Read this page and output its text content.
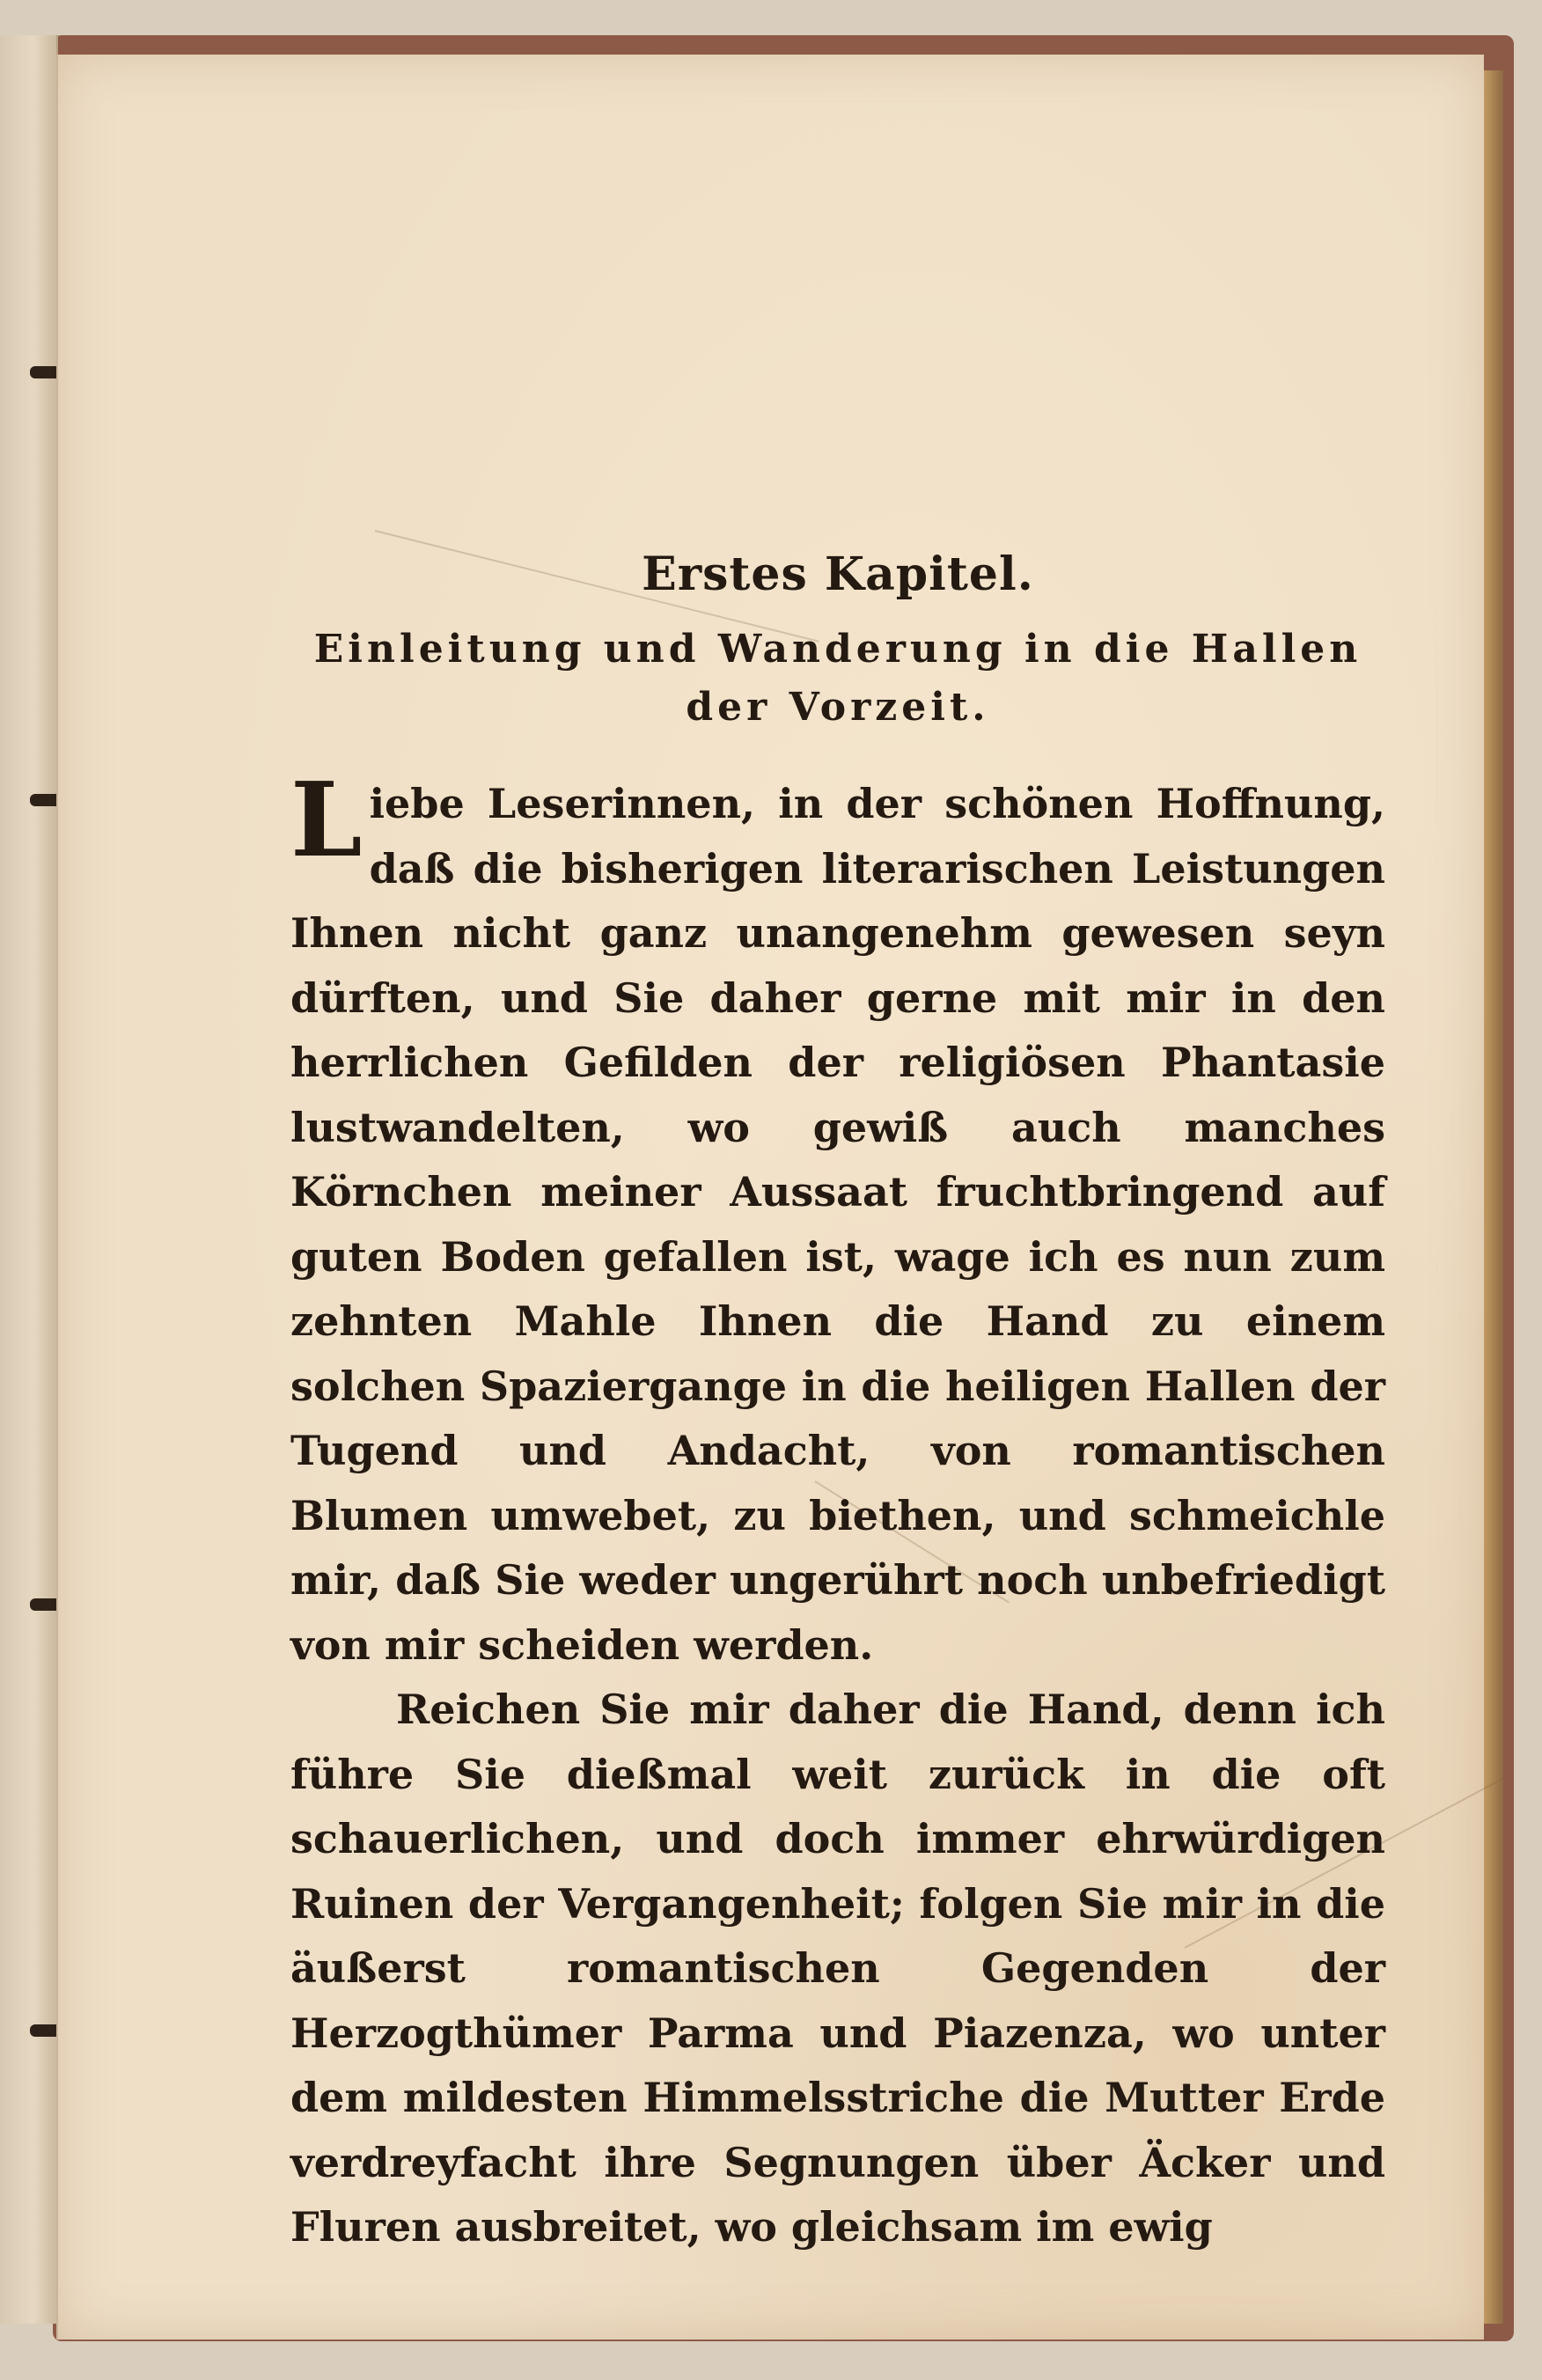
Erstes Kapitel.
Einleitung und Wanderung in die Hallen der Vorzeit.

Liebe Leserinnen, in der schönen Hoffnung, daß die bisherigen literarischen Leistungen Ihnen nicht ganz unangenehm gewesen seyn dürften, und Sie daher gerne mit mir in den herrlichen Gefilden der religiösen Phantasie lustwandelten, wo gewiß auch manches Körnchen meiner Aussaat fruchtbringend auf guten Boden gefallen ist, wage ich es nun zum zehnten Mahle Ihnen die Hand zu einem solchen Spaziergange in die heiligen Hallen der Tugend und Andacht, von romantischen Blumen umwebet, zu biethen, und schmeichle mir, daß Sie weder ungerührt noch unbefriedigt von mir scheiden werden.

Reichen Sie mir daher die Hand, denn ich führe Sie dießmal weit zurück in die oft schauerlichen, und doch immer ehrwürdigen Ruinen der Vergangenheit; folgen Sie mir in die äußerst romantischen Gegenden der Herzogthümer Parma und Piazenza, wo unter dem mildesten Himmelsstriche die Mutter Erde verdreyfacht ihre Segnungen über Äcker und Fluren ausbreitet, wo gleichsam im ewig
